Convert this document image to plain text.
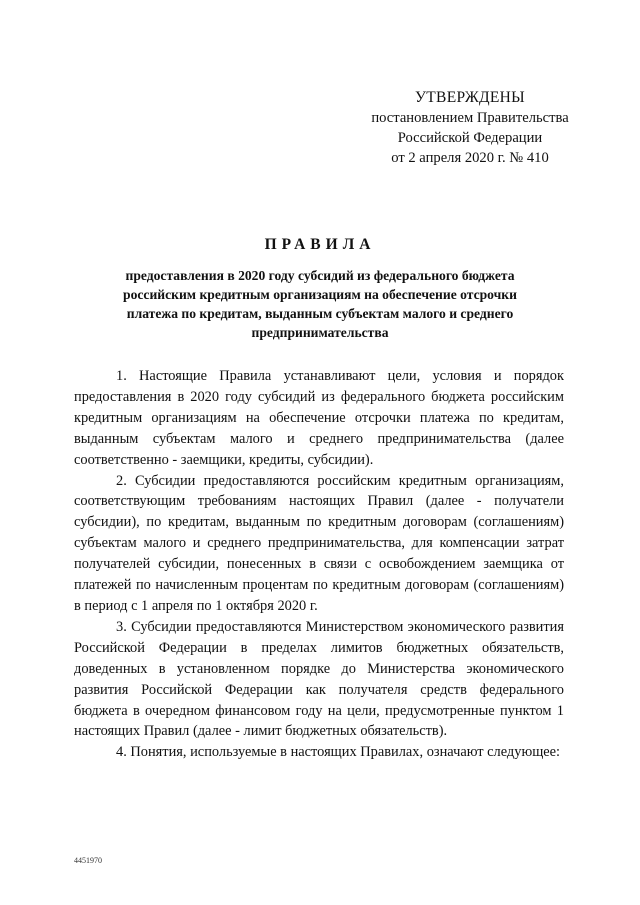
УТВЕРЖДЕНЫ
постановлением Правительства
Российской Федерации
от 2 апреля 2020 г. № 410
ПРАВИЛА
предоставления в 2020 году субсидий из федерального бюджета российским кредитным организациям на обеспечение отсрочки платежа по кредитам, выданным субъектам малого и среднего предпринимательства

1. Настоящие Правила устанавливают цели, условия и порядок предоставления в 2020 году субсидий из федерального бюджета российским кредитным организациям на обеспечение отсрочки платежа по кредитам, выданным субъектам малого и среднего предпринимательства (далее соответственно - заемщики, кредиты, субсидии).

2. Субсидии предоставляются российским кредитным организациям, соответствующим требованиям настоящих Правил (далее - получатели субсидии), по кредитам, выданным по кредитным договорам (соглашениям) субъектам малого и среднего предпринимательства, для компенсации затрат получателей субсидии, понесенных в связи с освобождением заемщика от платежей по начисленным процентам по кредитным договорам (соглашениям) в период с 1 апреля по 1 октября 2020 г.

3. Субсидии предоставляются Министерством экономического развития Российской Федерации в пределах лимитов бюджетных обязательств, доведенных в установленном порядке до Министерства экономического развития Российской Федерации как получателя средств федерального бюджета в очередном финансовом году на цели, предусмотренные пунктом 1 настоящих Правил (далее - лимит бюджетных обязательств).

4. Понятия, используемые в настоящих Правилах, означают следующее:

4451970
